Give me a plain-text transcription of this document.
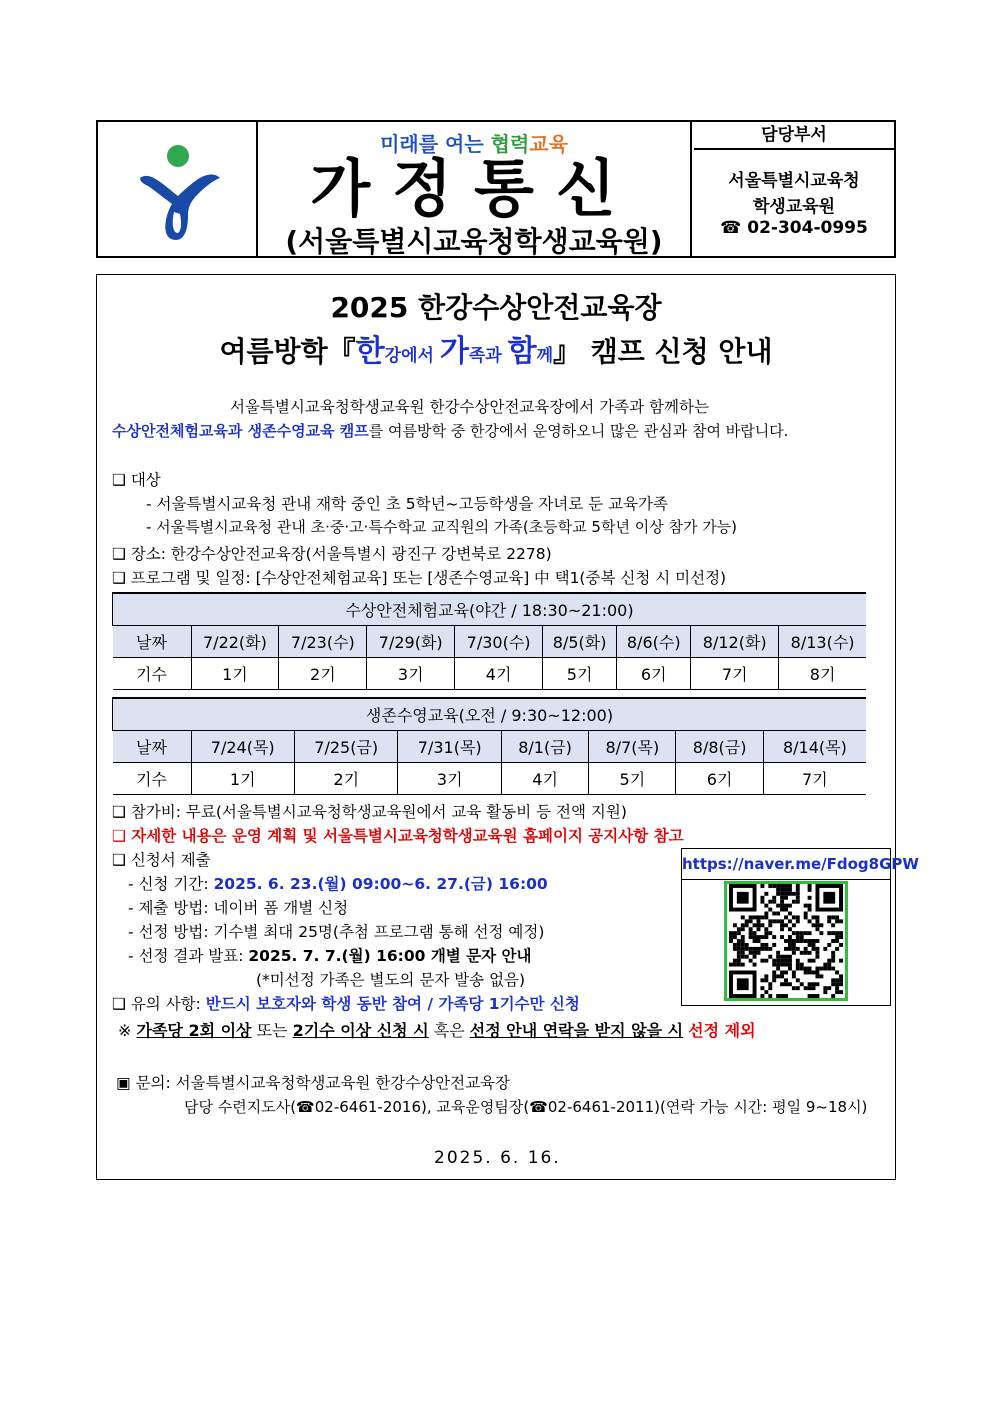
미래를 여는 협력교육
가정통신
(서울특별시교육청학생교육원)
담당부서
서울특별시교육청
학생교육원
☎ 02-304-0995
2025 한강수상안전교육장
여름방학『한강에서 가족과 함께』 캠프 신청 안내
서울특별시교육청학생교육원 한강수상안전교육장에서 가족과 함께하는
수상안전체험교육과 생존수영교육 캠프를 여름방학 중 한강에서 운영하오니 많은 관심과 참여 바랍니다.
❑ 대상
- 서울특별시교육청 관내 재학 중인 초 5학년~고등학생을 자녀로 둔 교육가족
- 서울특별시교육청 관내 초·중·고·특수학교 교직원의 가족(초등학교 5학년 이상 참가 가능)
❑ 장소: 한강수상안전교육장(서울특별시 광진구 강변북로 2278)
❑ 프로그램 및 일정: [수상안전체험교육] 또는 [생존수영교육] 中 택1(중복 신청 시 미선정)
수상안전체험교육(야간 / 18:30~21:00)								
날짜	7/22(화)	7/23(수)	7/29(화)	7/30(수)	8/5(화)	8/6(수)	8/12(화)	8/13(수)
기수	1기	2기	3기	4기	5기	6기	7기	8기
생존수영교육(오전 / 9:30~12:00)							
날짜	7/24(목)	7/25(금)	7/31(목)	8/1(금)	8/7(목)	8/8(금)	8/14(목)
기수	1기	2기	3기	4기	5기	6기	7기
❑ 참가비: 무료(서울특별시교육청학생교육원에서 교육 활동비 등 전액 지원)
❑ 자세한 내용은 운영 계획 및 서울특별시교육청학생교육원 홈페이지 공지사항 참고
❑ 신청서 제출
- 신청 기간: 2025. 6. 23.(월) 09:00~6. 27.(금) 16:00
- 제출 방법: 네이버 폼 개별 신청
- 선정 방법: 기수별 최대 25명(추첨 프로그램 통해 선정 예정)
- 선정 결과 발표: 2025. 7. 7.(월) 16:00 개별 문자 안내
(*미선정 가족은 별도의 문자 발송 없음)
❑ 유의 사항: 반드시 보호자와 학생 동반 참여 / 가족당 1기수만 신청
※ 가족당 2회 이상 또는 2기수 이상 신청 시 혹은 선정 안내 연락을 받지 않을 시 선정 제외
https://naver.me/Fdog8GPW
▣ 문의: 서울특별시교육청학생교육원 한강수상안전교육장
담당 수련지도사(☎02-6461-2016), 교육운영팀장(☎02-6461-2011)(연락 가능 시간: 평일 9~18시)
2025. 6. 16.
